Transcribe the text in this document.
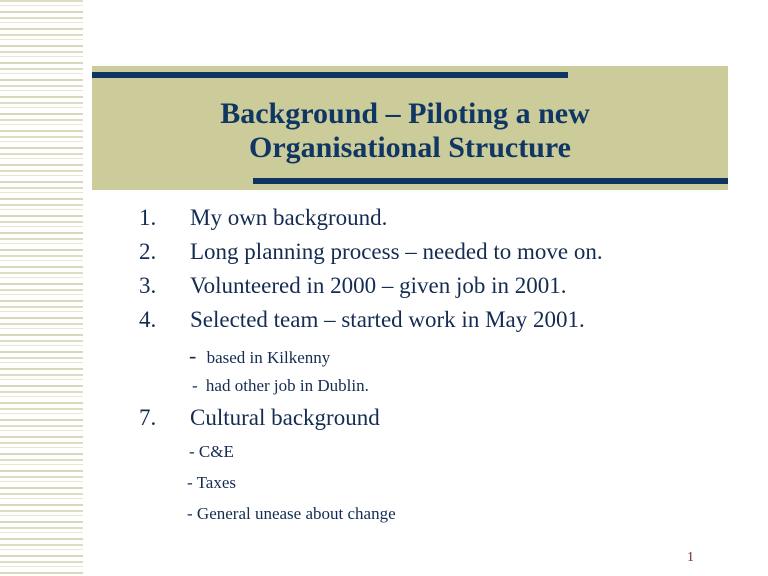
Background – Piloting a new
Organisational Structure
1. My own background.
2. Long planning process – needed to move on.
3. Volunteered in 2000 – given job in 2001.
4. Selected team – started work in May 2001.
- based in Kilkenny
- had other job in Dublin.
7. Cultural background
- C&E
- Taxes
- General unease about change
1
